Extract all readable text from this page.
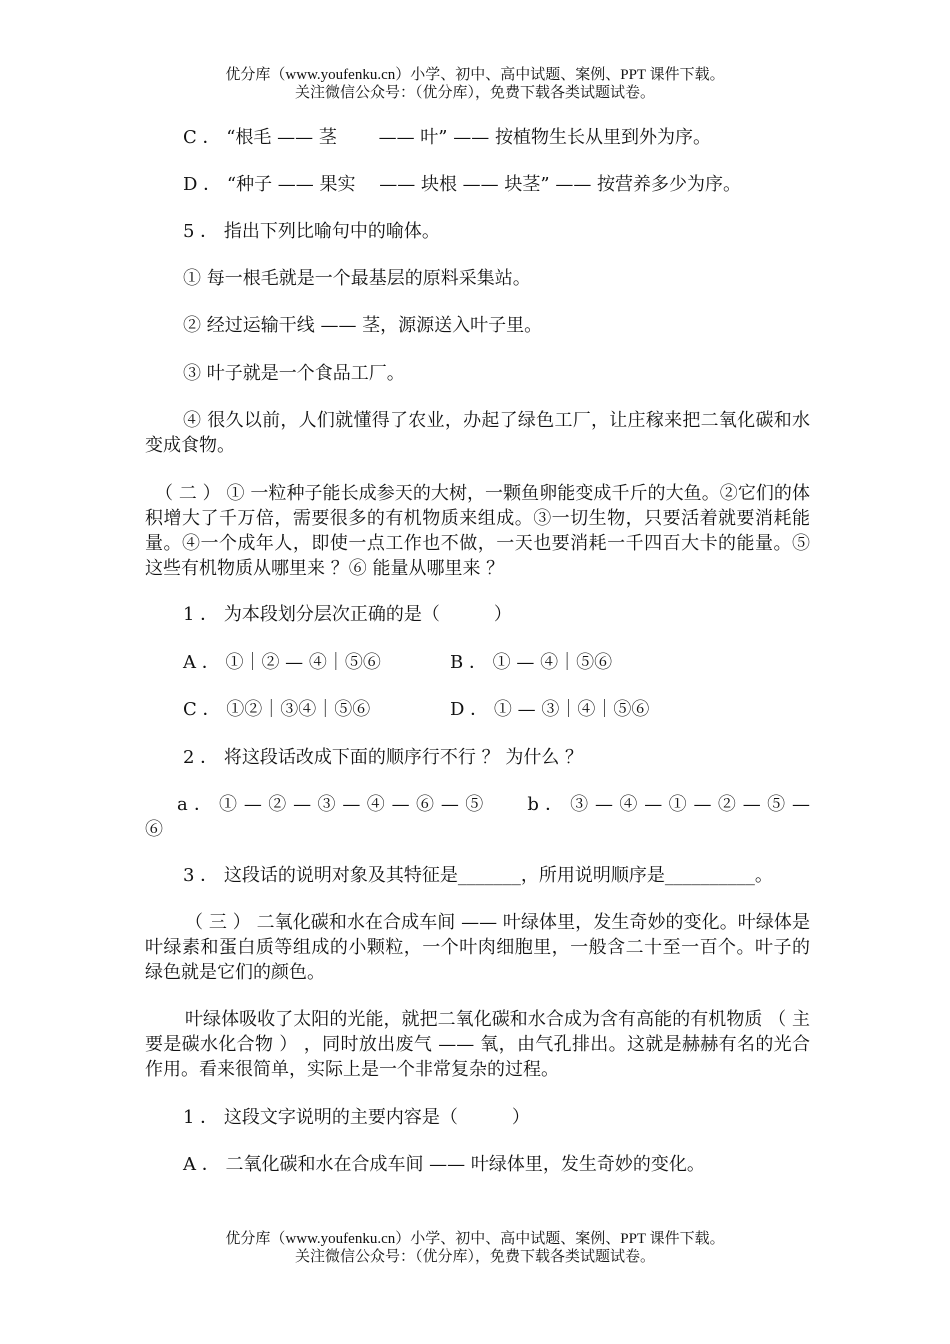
优分库（www.youfenku.cn）小学、初中、高中试题、案例、PPT 课件下载。
关注微信公众号：（优分库），免费下载各类试题试卷。
C ． “根毛 —— 茎　　 —— 叶” —— 按植物生长从里到外为序。
D ． “种子 —— 果实　 —— 块根 —— 块茎” —— 按营养多少为序。
5 ． 指出下列比喻句中的喻体。
① 每一根毛就是一个最基层的原料采集站。
② 经过运输干线 —— 茎，源源送入叶子里。
③ 叶子就是一个食品工厂。
④ 很久以前，人们就懂得了农业，办起了绿色工厂，让庄稼来把二氧化碳和水变成食物。
（ 二 ） ① 一粒种子能长成参天的大树，一颗鱼卵能变成千斤的大鱼。②它们的体积增大了千万倍，需要很多的有机物质来组成。③一切生物，只要活着就要消耗能量。④一个成年人，即使一点工作也不做，一天也要消耗一千四百大卡的能量。⑤这些有机物质从哪里来 ？⑥ 能量从哪里来 ？
1 ． 为本段划分层次正确的是（　　　）
A ． ①｜② — ④｜⑤⑥	B ． ① — ④｜⑤⑥
C ． ①②｜③④｜⑤⑥	D ． ① — ③｜④｜⑤⑥
2 ． 将这段话改成下面的顺序行不行 ？ 为什么 ？
a ． ① — ② — ③ — ④ — ⑥ — ⑤　　 b ． ③ — ④ — ① — ② — ⑤ — ⑥
3 ． 这段话的说明对象及其特征是_______，所用说明顺序是__________。
（ 三 ） 二氧化碳和水在合成车间 —— 叶绿体里，发生奇妙的变化。叶绿体是叶绿素和蛋白质等组成的小颗粒，一个叶肉细胞里，一般含二十至一百个。叶子的绿色就是它们的颜色。
叶绿体吸收了太阳的光能，就把二氧化碳和水合成为含有高能的有机物质 （ 主要是碳水化合物 ） ，同时放出废气 —— 氧，由气孔排出。这就是赫赫有名的光合作用。看来很简单，实际上是一个非常复杂的过程。
1 ． 这段文字说明的主要内容是（　　　）
A ． 二氧化碳和水在合成车间 —— 叶绿体里，发生奇妙的变化。
优分库（www.youfenku.cn）小学、初中、高中试题、案例、PPT 课件下载。
关注微信公众号：（优分库），免费下载各类试题试卷。
